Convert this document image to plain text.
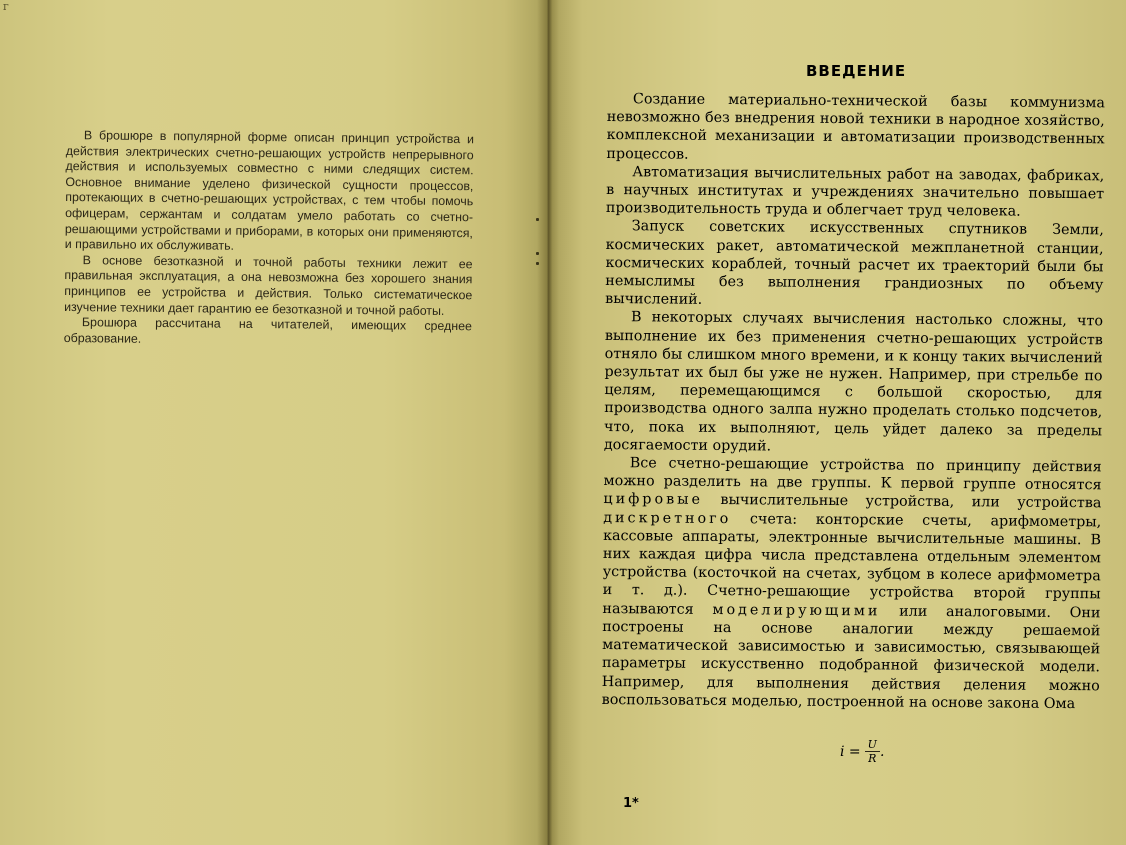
г

В брошюре в популярной форме описан принцип устройства и действия электрических счетно-решающих устройств непрерывного действия и используемых совместно с ними следящих систем. Основное внимание уделено физической сущности процессов, протекающих в счетно-решающих устройствах, с тем чтобы помочь офицерам, сержантам и солдатам умело работать со счетно-решающими устройствами и приборами, в которых они применяются, и правильно их обслуживать.

В основе безотказной и точной работы техники лежит ее правильная эксплуатация, а она невозможна без хорошего знания принципов ее устройства и действия. Только систематическое изучение техники дает гарантию ее безотказной и точной работы.

Брошюра рассчитана на читателей, имеющих среднее образование.

ВВЕДЕНИЕ

Создание материально-технической базы коммунизма невозможно без внедрения новой техники в народное хозяйство, комплексной механизации и автоматизации производственных процессов.

Автоматизация вычислительных работ на заводах, фабриках, в научных институтах и учреждениях значительно повышает производительность труда и облегчает труд человека.

Запуск советских искусственных спутников Земли, космических ракет, автоматической межпланетной станции, космических кораблей, точный расчет их траекторий были бы немыслимы без выполнения грандиозных по объему вычислений.

В некоторых случаях вычисления настолько сложны, что выполнение их без применения счетно-решающих устройств отняло бы слишком много времени, и к концу таких вычислений результат их был бы уже не нужен. Например, при стрельбе по целям, перемещающимся с большой скоростью, для производства одного залпа нужно проделать столько подсчетов, что, пока их выполняют, цель уйдет далеко за пределы досягаемости орудий.

Все счетно-решающие устройства по принципу действия можно разделить на две группы. К первой группе относятся цифровые вычислительные устройства, или устройства дискретного счета: конторские счеты, арифмометры, кассовые аппараты, электронные вычислительные машины. В них каждая цифра числа представлена отдельным элементом устройства (косточкой на счетах, зубцом в колесе арифмометра и т. д.). Счетно-решающие устройства второй группы называются моделирующими или аналоговыми. Они построены на основе аналогии между решаемой математической зависимостью и зависимостью, связывающей параметры искусственно подобранной физической модели. Например, для выполнения действия деления можно воспользоваться моделью, построенной на основе закона Ома

$i = \frac{U}{R}$ .
1*
